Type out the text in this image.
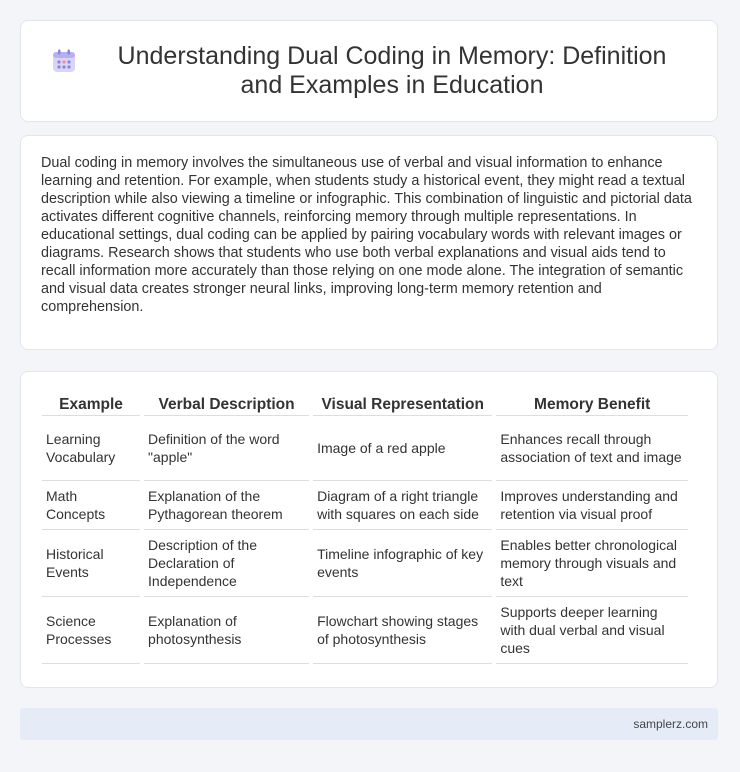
Understanding Dual Coding in Memory: Definition and Examples in Education

Dual coding in memory involves the simultaneous use of verbal and visual information to enhance learning and retention. For example, when students study a historical event, they might read a textual description while also viewing a timeline or infographic. This combination of linguistic and pictorial data activates different cognitive channels, reinforcing memory through multiple representations. In educational settings, dual coding can be applied by pairing vocabulary words with relevant images or diagrams. Research shows that students who use both verbal explanations and visual aids tend to recall information more accurately than those relying on one mode alone. The integration of semantic and visual data creates stronger neural links, improving long-term memory retention and comprehension.

Example	Verbal Description	Visual Representation	Memory Benefit
Learning Vocabulary	Definition of the word "apple"	Image of a red apple	Enhances recall through association of text and image
Math Concepts	Explanation of the Pythagorean theorem	Diagram of a right triangle with squares on each side	Improves understanding and retention via visual proof
Historical Events	Description of the Declaration of Independence	Timeline infographic of key events	Enables better chronological memory through visuals and text
Science Processes	Explanation of photosynthesis	Flowchart showing stages of photosynthesis	Supports deeper learning with dual verbal and visual cues
samplerz.com
